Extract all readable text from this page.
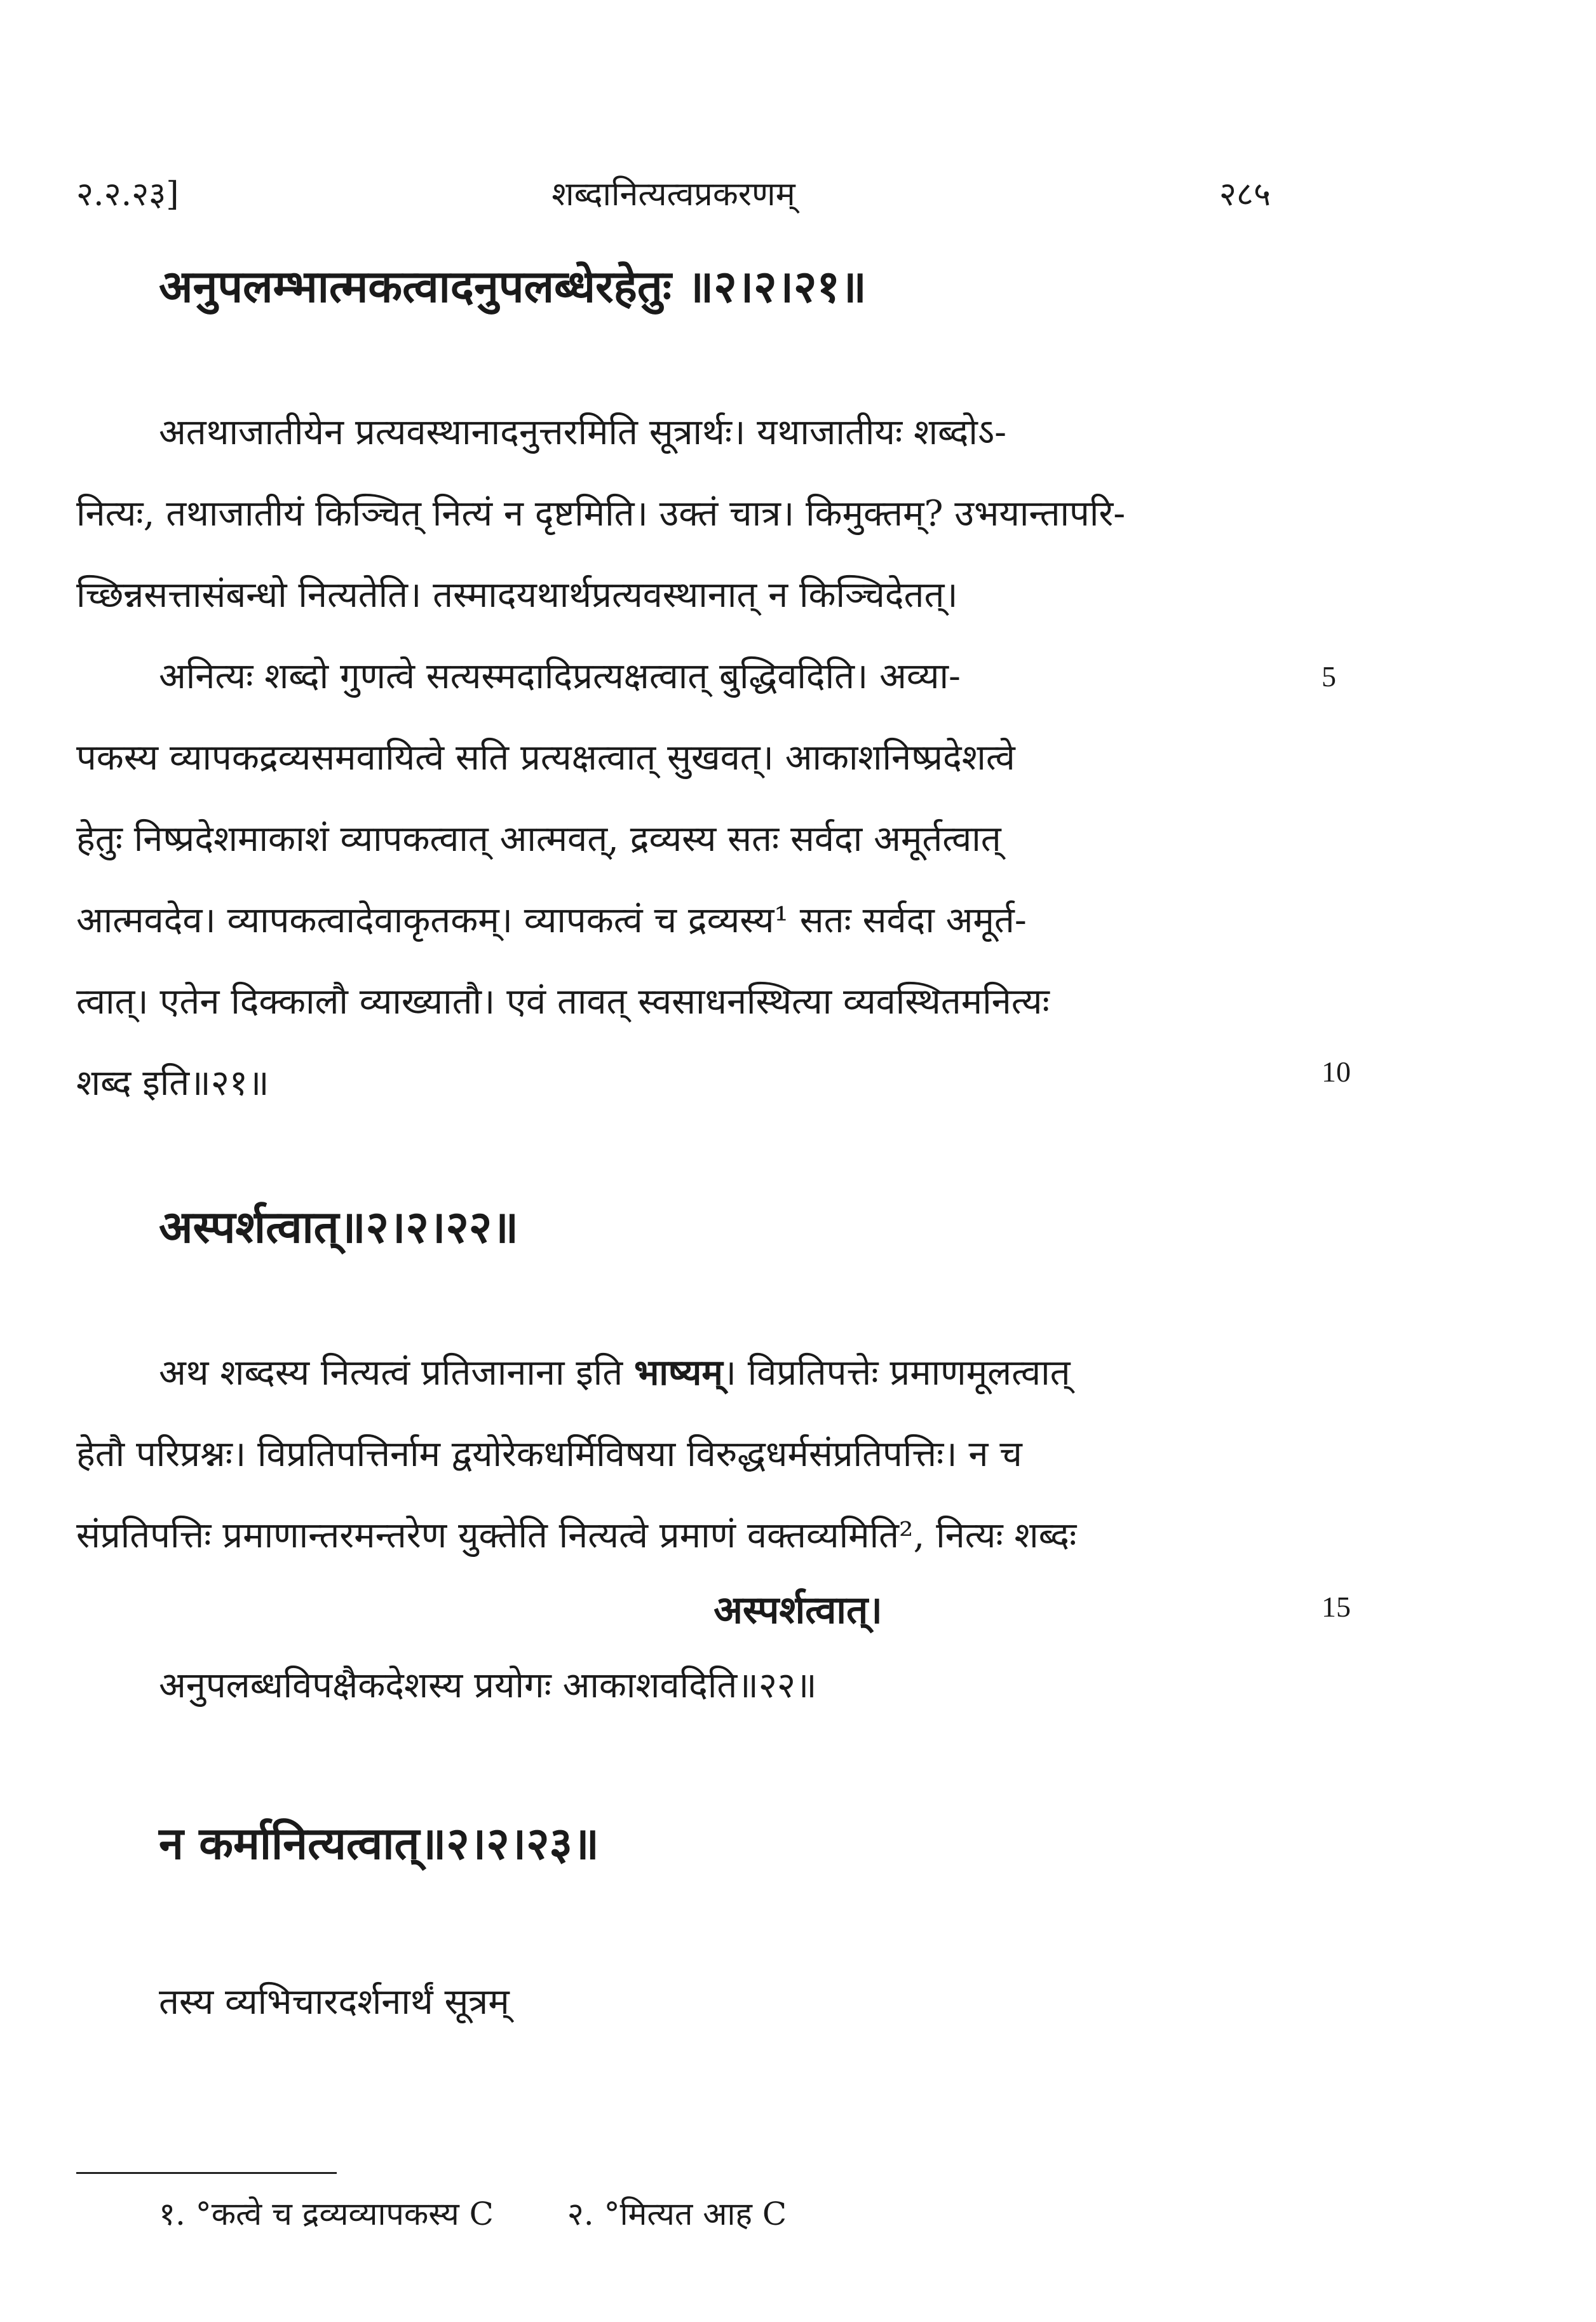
२.२.२३]	शब्दानित्यत्वप्रकरणम्	२८५
अनुपलम्भात्मकत्वादनुपलब्धेरहेतुः ॥२।२।२१॥
अतथाजातीयेन प्रत्यवस्थानादनुत्तरमिति सूत्रार्थः। यथाजातीयः शब्दोऽ-
नित्यः, तथाजातीयं किञ्चित् नित्यं न दृष्टमिति। उक्तं चात्र। किमुक्तम्? उभयान्तापरि-
च्छिन्नसत्तासंबन्धो नित्यतेति। तस्मादयथार्थप्रत्यवस्थानात् न किञ्चिदेतत्।
अनित्यः शब्दो गुणत्वे सत्यस्मदादिप्रत्यक्षत्वात् बुद्धिवदिति। अव्या-	5
पकस्य व्यापकद्रव्यसमवायित्वे सति प्रत्यक्षत्वात् सुखवत्। आकाशनिष्प्रदेशत्वे
हेतुः निष्प्रदेशमाकाशं व्यापकत्वात् आत्मवत्, द्रव्यस्य सतः सर्वदा अमूर्तत्वात्
आत्मवदेव। व्यापकत्वादेवाकृतकम्। व्यापकत्वं च द्रव्यस्य¹ सतः सर्वदा अमूर्त-
त्वात्। एतेन दिक्कालौ व्याख्यातौ। एवं तावत् स्वसाधनस्थित्या व्यवस्थितमनित्यः
शब्द इति॥२१॥	10
अस्पर्शत्वात्॥२।२।२२॥
अथ शब्दस्य नित्यत्वं प्रतिजानाना इति भाष्यम्। विप्रतिपत्तेः प्रमाणमूलत्वात्
हेतौ परिप्रश्नः। विप्रतिपत्तिर्नाम द्वयोरेकधर्मिविषया विरुद्धधर्मसंप्रतिपत्तिः। न च
संप्रतिपत्तिः प्रमाणान्तरमन्तरेण युक्तेति नित्यत्वे प्रमाणं वक्तव्यमिति², नित्यः शब्दः
अस्पर्शत्वात्।	15
अनुपलब्धविपक्षैकदेशस्य प्रयोगः आकाशवदिति॥२२॥
न कर्मानित्यत्वात्॥२।२।२३॥
तस्य व्यभिचारदर्शनार्थं सूत्रम्
१. °कत्वे च द्रव्यव्यापकस्य C २. °मित्यत आह C
